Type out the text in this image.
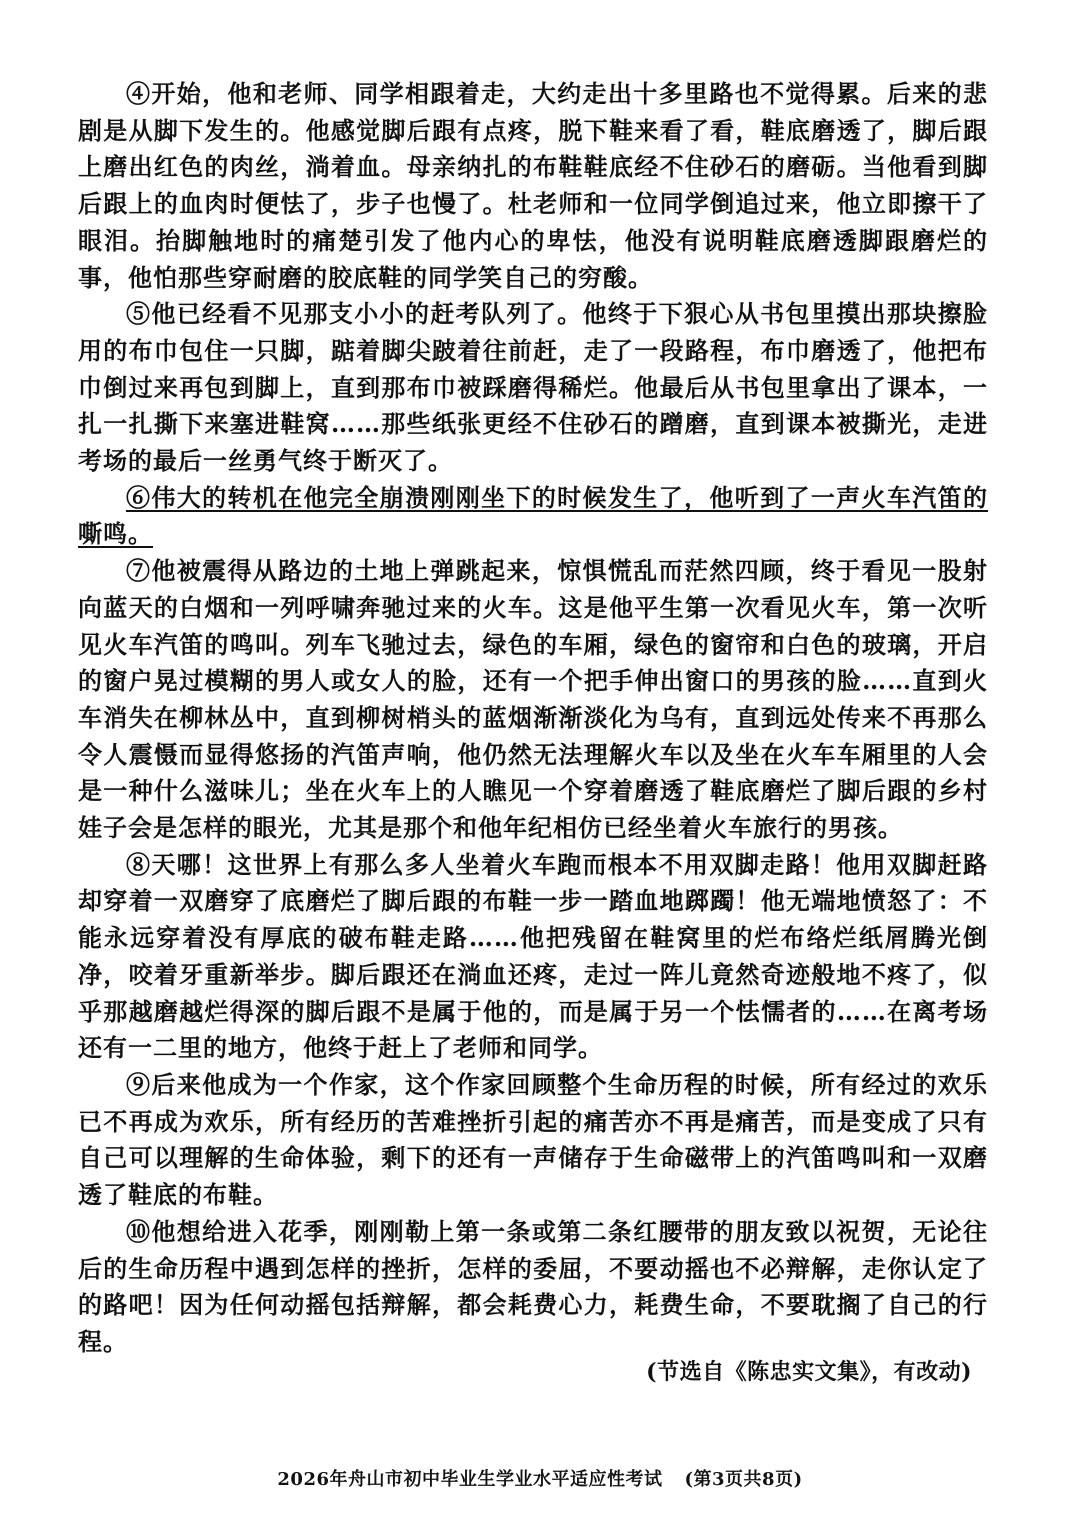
④开始，他和老师、同学相跟着走，大约走出十多里路也不觉得累。后来的悲剧是从脚下发生的。他感觉脚后跟有点疼，脱下鞋来看了看，鞋底磨透了，脚后跟上磨出红色的肉丝，淌着血。母亲纳扎的布鞋鞋底经不住砂石的磨砺。当他看到脚后跟上的血肉时便怯了，步子也慢了。杜老师和一位同学倒追过来，他立即擦干了眼泪。抬脚触地时的痛楚引发了他内心的卑怯，他没有说明鞋底磨透脚跟磨烂的事，他怕那些穿耐磨的胶底鞋的同学笑自己的穷酸。

⑤他已经看不见那支小小的赶考队列了。他终于下狠心从书包里摸出那块擦脸用的布巾包住一只脚，踮着脚尖跛着往前赶，走了一段路程，布巾磨透了，他把布巾倒过来再包到脚上，直到那布巾被踩磨得稀烂。他最后从书包里拿出了课本，一扎一扎撕下来塞进鞋窝……那些纸张更经不住砂石的蹭磨，直到课本被撕光，走进考场的最后一丝勇气终于断灭了。

⑥伟大的转机在他完全崩溃刚刚坐下的时候发生了，他听到了一声火车汽笛的嘶鸣。

⑦他被震得从路边的土地上弹跳起来，惊惧慌乱而茫然四顾，终于看见一股射向蓝天的白烟和一列呼啸奔驰过来的火车。这是他平生第一次看见火车，第一次听见火车汽笛的鸣叫。列车飞驰过去，绿色的车厢，绿色的窗帘和白色的玻璃，开启的窗户晃过模糊的男人或女人的脸，还有一个把手伸出窗口的男孩的脸……直到火车消失在柳林丛中，直到柳树梢头的蓝烟渐渐淡化为乌有，直到远处传来不再那么令人震慑而显得悠扬的汽笛声响，他仍然无法理解火车以及坐在火车车厢里的人会是一种什么滋味儿；坐在火车上的人瞧见一个穿着磨透了鞋底磨烂了脚后跟的乡村娃子会是怎样的眼光，尤其是那个和他年纪相仿已经坐着火车旅行的男孩。

⑧天哪！这世界上有那么多人坐着火车跑而根本不用双脚走路！他用双脚赶路却穿着一双磨穿了底磨烂了脚后跟的布鞋一步一踏血地踯躅！他无端地愤怒了：不能永远穿着没有厚底的破布鞋走路……他把残留在鞋窝里的烂布络烂纸屑腾光倒净，咬着牙重新举步。脚后跟还在淌血还疼，走过一阵儿竟然奇迹般地不疼了，似乎那越磨越烂得深的脚后跟不是属于他的，而是属于另一个怯懦者的……在离考场还有一二里的地方，他终于赶上了老师和同学。

⑨后来他成为一个作家，这个作家回顾整个生命历程的时候，所有经过的欢乐已不再成为欢乐，所有经历的苦难挫折引起的痛苦亦不再是痛苦，而是变成了只有自己可以理解的生命体验，剩下的还有一声储存于生命磁带上的汽笛鸣叫和一双磨透了鞋底的布鞋。

⑩他想给进入花季，刚刚勒上第一条或第二条红腰带的朋友致以祝贺，无论往后的生命历程中遇到怎样的挫折，怎样的委屈，不要动摇也不必辩解，走你认定了的路吧！因为任何动摇包括辩解，都会耗费心力，耗费生命，不要耽搁了自己的行程。

(节选自《陈忠实文集》，有改动)
2026年舟山市初中毕业生学业水平适应性考试 (第3页共8页)
